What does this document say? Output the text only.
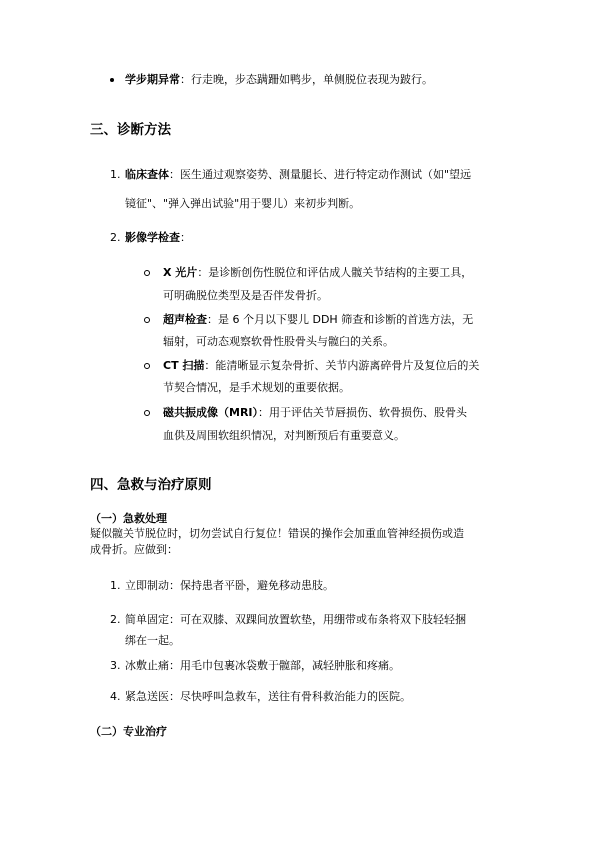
学步期异常：行走晚，步态蹒跚如鸭步，单侧脱位表现为跛行。
三、诊断方法
1. 临床查体：医生通过观察姿势、测量腿长、进行特定动作测试（如"望远
镜征"、"弹入弹出试验"用于婴儿）来初步判断。
2. 影像学检查：
X 光片：是诊断创伤性脱位和评估成人髋关节结构的主要工具，
可明确脱位类型及是否伴发骨折。
超声检查：是 6 个月以下婴儿 DDH 筛查和诊断的首选方法，无
辐射，可动态观察软骨性股骨头与髋臼的关系。
CT 扫描：能清晰显示复杂骨折、关节内游离碎骨片及复位后的关
节契合情况，是手术规划的重要依据。
磁共振成像（MRI）：用于评估关节唇损伤、软骨损伤、股骨头
血供及周围软组织情况，对判断预后有重要意义。
四、急救与治疗原则
（一）急救处理
疑似髋关节脱位时，切勿尝试自行复位！错误的操作会加重血管神经损伤或造
成骨折。应做到：
1. 立即制动：保持患者平卧，避免移动患肢。
2. 简单固定：可在双膝、双踝间放置软垫，用绷带或布条将双下肢轻轻捆
绑在一起。
3. 冰敷止痛：用毛巾包裹冰袋敷于髋部，减轻肿胀和疼痛。
4. 紧急送医：尽快呼叫急救车，送往有骨科救治能力的医院。
（二）专业治疗
